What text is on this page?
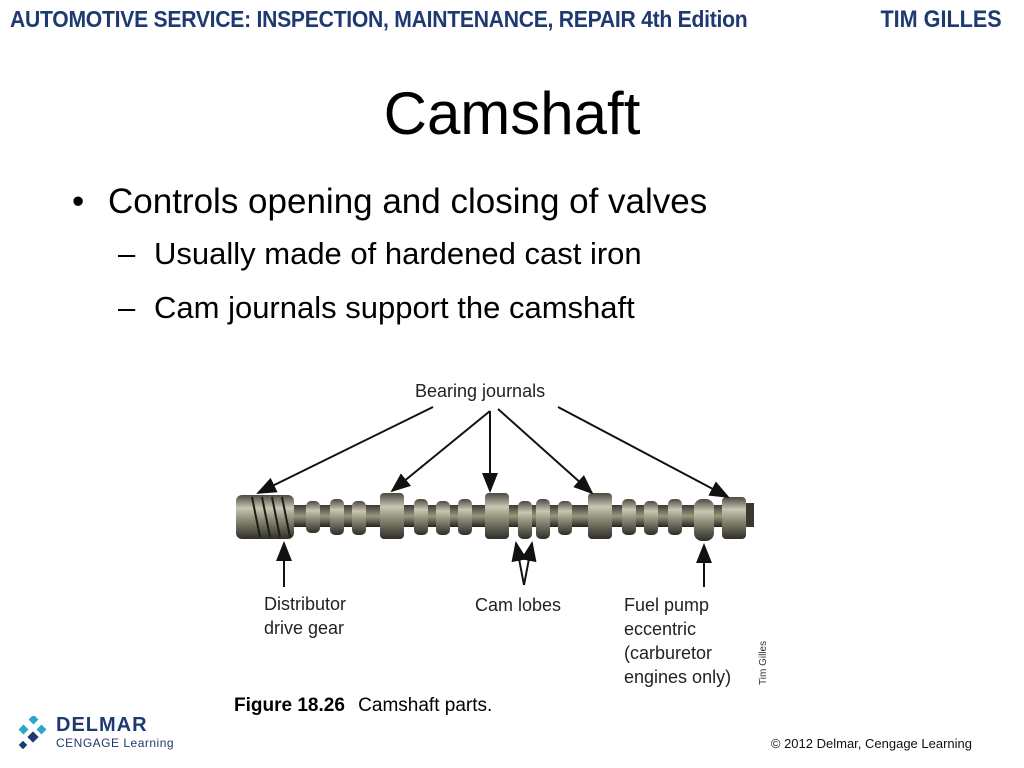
AUTOMOTIVE SERVICE: INSPECTION, MAINTENANCE, REPAIR 4th Edition	TIM GILLES
Camshaft
• Controls opening and closing of valves
– Usually made of hardened cast iron
– Cam journals support the camshaft
Bearing journals
Distributor
drive gear
Cam lobes	Fuel pump
eccentric
(carburetor
engines only)	Tim Gilles
Figure 18.26 Camshaft parts.
DELMAR
CENGAGE Learning	© 2012 Delmar, Cengage Learning
